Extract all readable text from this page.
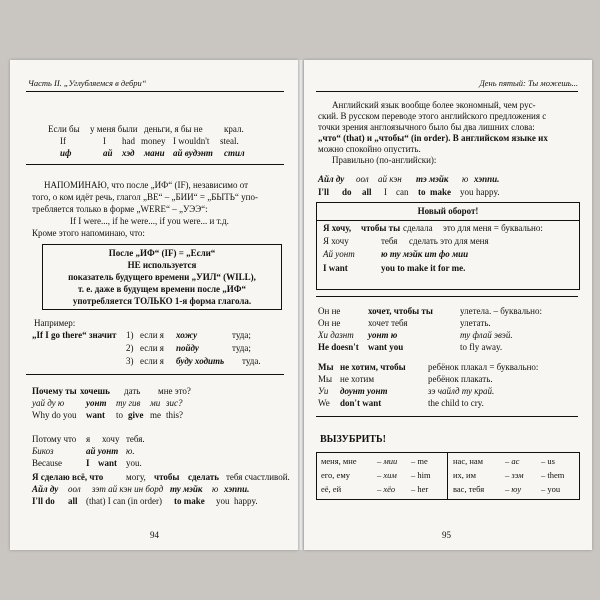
Часть II. „Углубляемся в дебри“
Если бы у меня были деньги, я бы не крал.
If	I had money I wouldn't steal.
иф	ай хэд мани ай вудэнт стил
НАПОМИНАЮ, что после „ИФ“ (IF), независимо от
того, о ком идёт речь, глагол „BE“ – „БИИ“ = „БЫТЬ“ упо-
требляется только в форме „WERE“ – „УЭЭ“:
If I were..., if he were..., if you were... и т.д.
Кроме этого напоминаю, что:
После „ИФ“ (IF) = „Если“
НЕ используется
показатель будущего времени „УИЛ“ (WILL),
т. е. даже в будущем времени после „ИФ“
употребляется ТОЛЬКО 1-я форма глагола.
Например:
„If I go there“ значит 1) если я хожу	туда;
2) если я пойду	туда;
3) если я буду ходить туда.
Почему ты хочешь дать мне это?
уай ду ю уонт ту гив ми зис?
Why do you want to give me this?
Потому что я хочу тебя.
Бикоз	ай уонт ю.
Because	I want you.
Я сделаю всё, что	могу, чтобы сделать тебя счастливой.
Айл ду оол зэт ай кэн ин борд ту мэйк ю хэппи.
I'll do all (that) I can (in order) to make you happy.
94
День пятый: Ты можешь...
Английский язык вообще более экономный, чем рус-
ский. В русском переводе этого английского предложения с
точки зрения англоязычного было бы два лишних слова:
„что“ (that) и „чтобы“ (in order). В английском языке их
можно спокойно опустить.
Правильно (по-английски):
Айл ду оол ай кэн тэ мэйк ю хэппи.
I'll do all I can to make you happy.
Новый оборот!
Я хочу, чтобы ты сделала это для меня = буквально:
Я хочу	тебя сделать это для меня
Ай уонт	ю ту мэйк ит фо мии
I want	you to make it for me.
Он не	хочет, чтобы ты	улетела. – буквально:
Он не	хочет тебя	улетать.
Хи дазнт уонт ю	ту флай эвэй.
He doesn't want you	to fly away.
Мы не хотим, чтобы ребёнок плакал = буквально:
Мы не хотим	ребёнок плакать.
Уи доунт уонт	зэ чайлд ту край.
We don't want	the child to cry.
ВЫЗУБРИТЬ!
меня, мне – мии – me	нас, нам	– ас	– us
его, ему	– хим – him	их, им	– зэм – them
её, ей	– хёо – her	вас, тебя – юу – you
95
